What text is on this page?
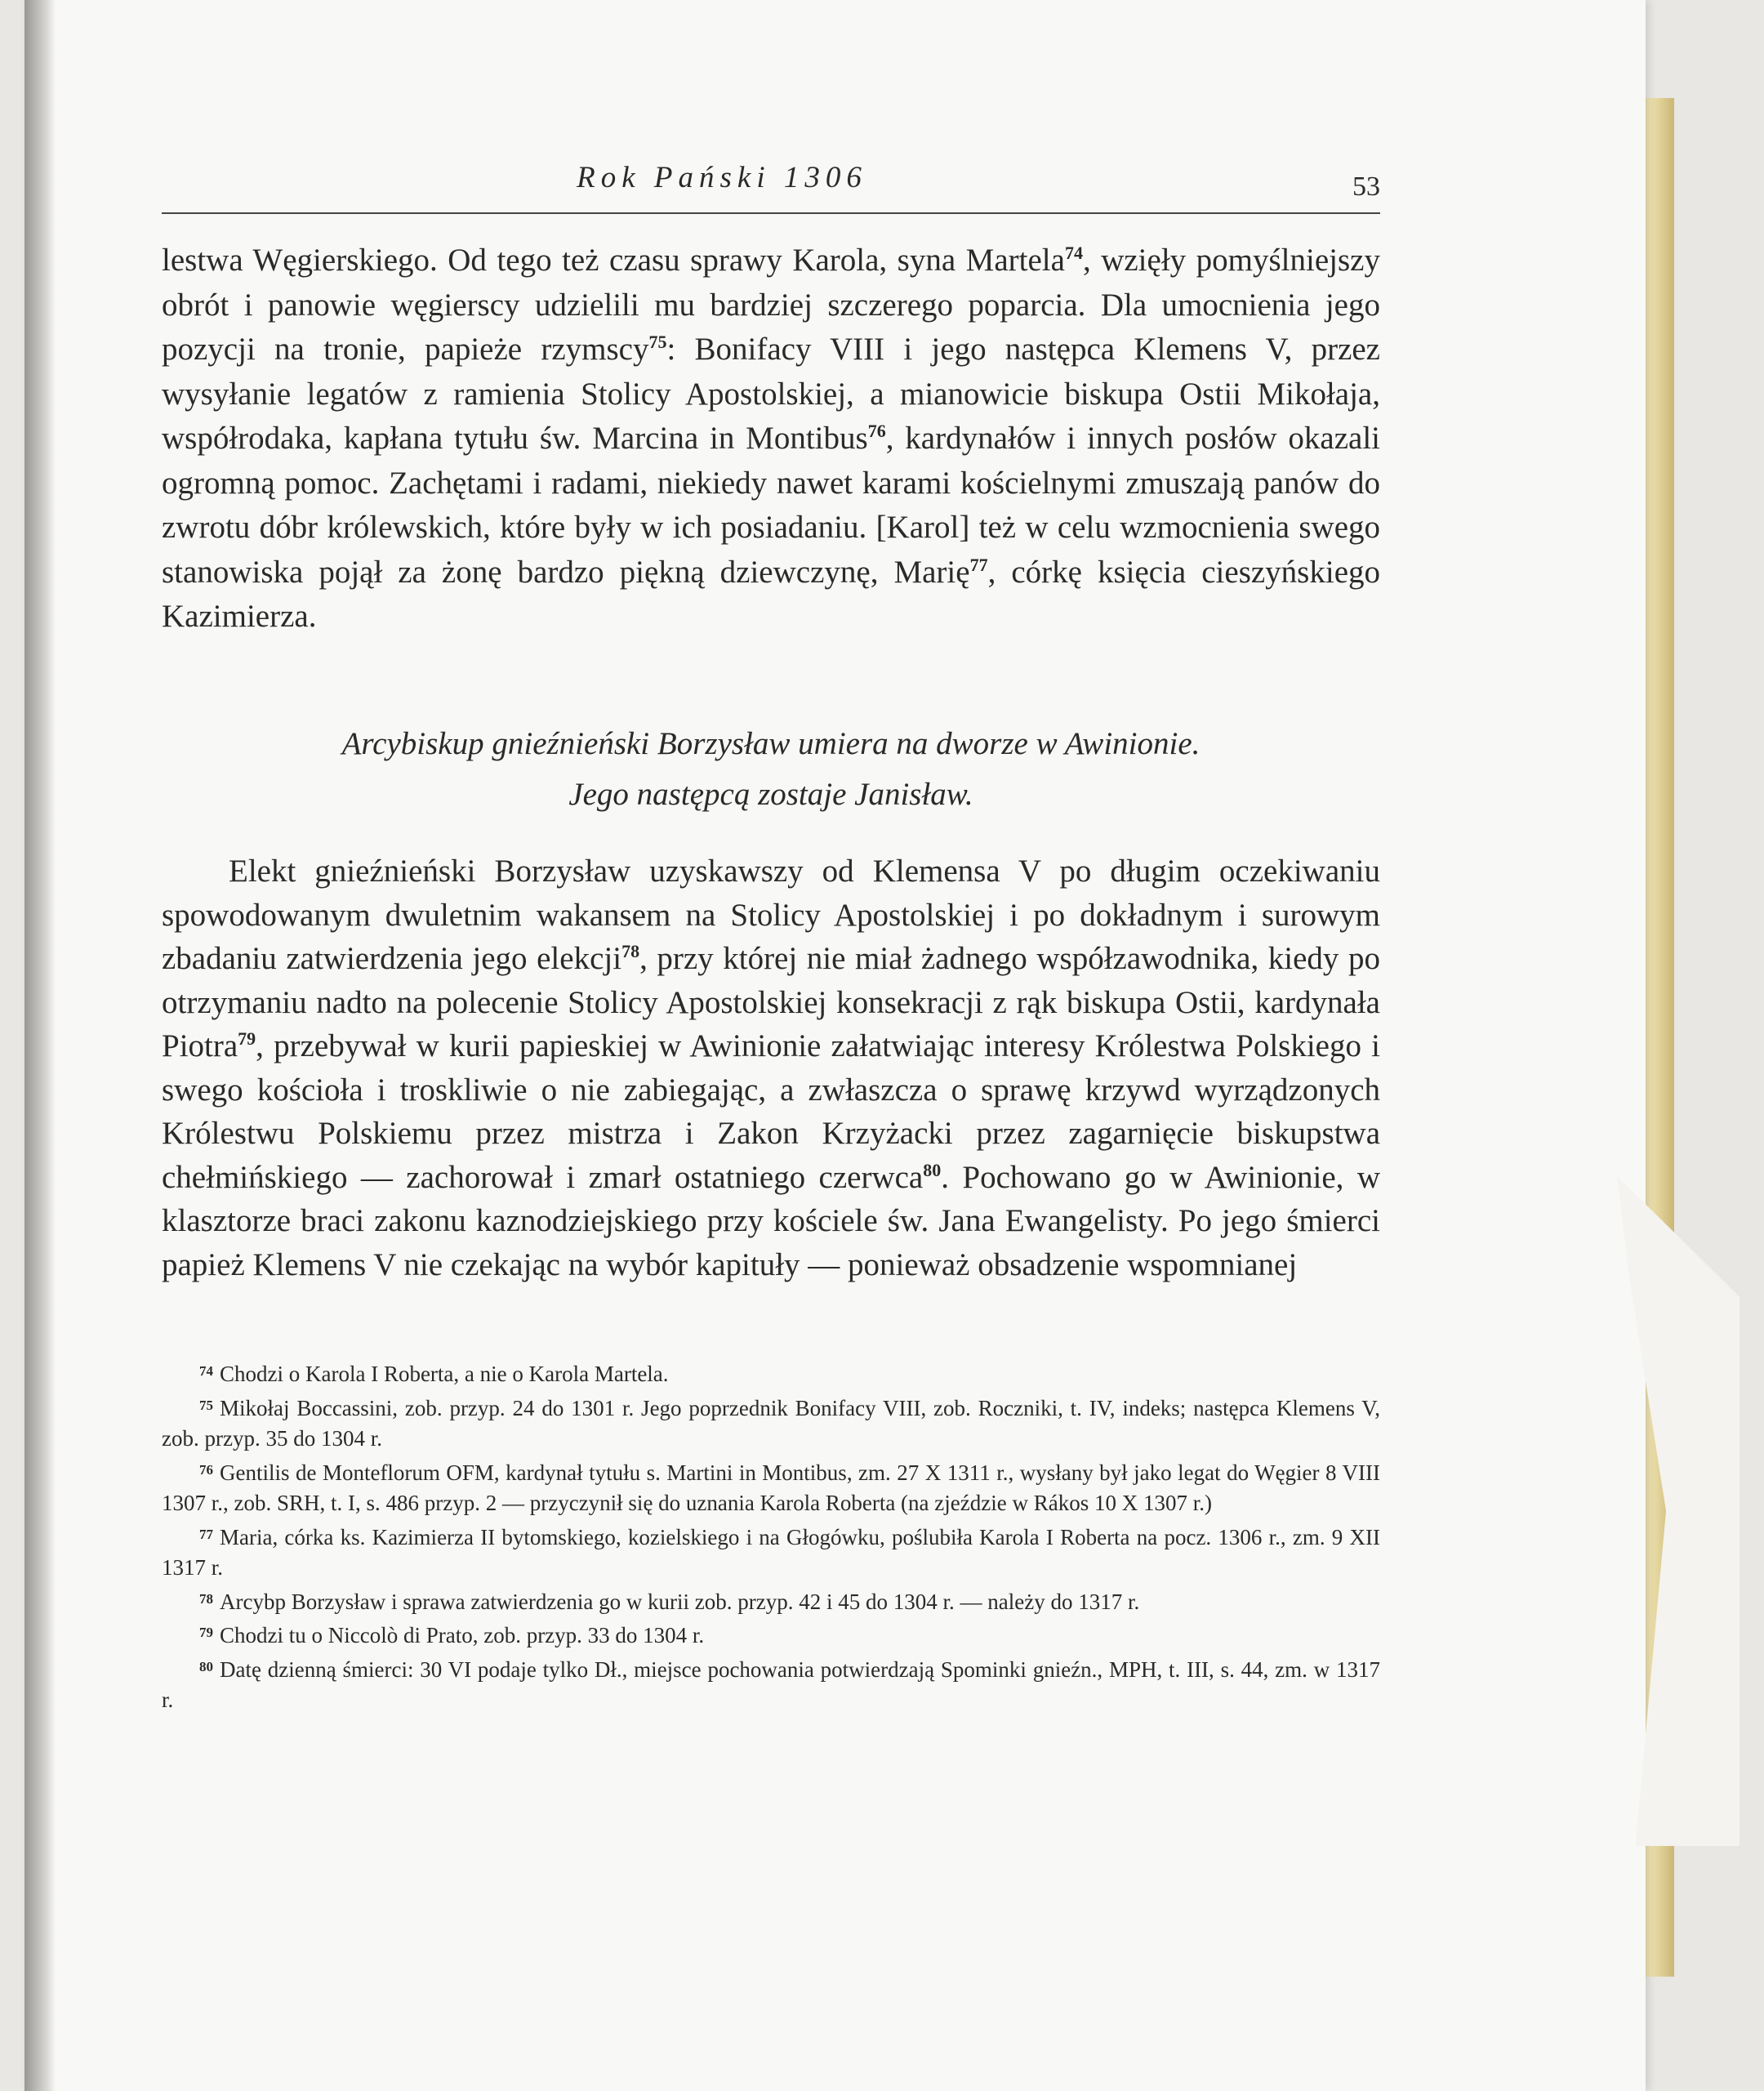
Rok Pański 1306	53

lestwa Węgierskiego. Od tego też czasu sprawy Karola, syna Martela$^{74}$, wzięły pomyślniejszy obrót i panowie węgierscy udzielili mu bardziej szczerego poparcia. Dla umocnienia jego pozycji na tronie, papieże rzymscy$^{75}$: Bonifacy VIII i jego następca Klemens V, przez wysyłanie legatów z ramienia Stolicy Apostolskiej, a mianowicie biskupa Ostii Mikołaja, współrodaka, kapłana tytułu św. Marcina in Montibus$^{76}$, kardynałów i innych posłów okazali ogromną pomoc. Zachętami i radami, niekiedy nawet karami kościelnymi zmuszają panów do zwrotu dóbr królewskich, które były w ich posiadaniu. [Karol] też w celu wzmocnienia swego stanowiska pojął za żonę bardzo piękną dziewczynę, Marię$^{77}$, córkę księcia cieszyńskiego Kazimierza.

Arcybiskup gnieźnieński Borzysław umiera na dworze w Awinionie.
Jego następcą zostaje Janisław.

Elekt gnieźnieński Borzysław uzyskawszy od Klemensa V po długim oczekiwaniu spowodowanym dwuletnim wakansem na Stolicy Apostolskiej i po dokładnym i surowym zbadaniu zatwierdzenia jego elekcji$^{78}$, przy której nie miał żadnego współzawodnika, kiedy po otrzymaniu nadto na polecenie Stolicy Apostolskiej konsekracji z rąk biskupa Ostii, kardynała Piotra$^{79}$, przebywał w kurii papieskiej w Awinionie załatwiając interesy Królestwa Polskiego i swego kościoła i troskliwie o nie zabiegając, a zwłaszcza o sprawę krzywd wyrządzonych Królestwu Polskiemu przez mistrza i Zakon Krzyżacki przez zagarnięcie biskupstwa chełmińskiego — zachorował i zmarł ostatniego czerwca$^{80}$. Pochowano go w Awinionie, w klasztorze braci zakonu kaznodziejskiego przy kościele św. Jana Ewangelisty. Po jego śmierci papież Klemens V nie czekając na wybór kapituły — ponieważ obsadzenie wspomnianej

$^{74}$ Chodzi o Karola I Roberta, a nie o Karola Martela.

$^{75}$ Mikołaj Boccassini, zob. przyp. 24 do 1301 r. Jego poprzednik Bonifacy VIII, zob. Roczniki, t. IV, indeks; następca Klemens V, zob. przyp. 35 do 1304 r.

$^{76}$ Gentilis de Monteflorum OFM, kardynał tytułu s. Martini in Montibus, zm. 27 X 1311 r., wysłany był jako legat do Węgier 8 VIII 1307 r., zob. SRH, t. I, s. 486 przyp. 2 — przyczynił się do uznania Karola Roberta (na zjeździe w Rákos 10 X 1307 r.)

$^{77}$ Maria, córka ks. Kazimierza II bytomskiego, kozielskiego i na Głogówku, poślubiła Karola I Roberta na pocz. 1306 r., zm. 9 XII 1317 r.

$^{78}$ Arcybp Borzysław i sprawa zatwierdzenia go w kurii zob. przyp. 42 i 45 do 1304 r. — należy do 1317 r.

$^{79}$ Chodzi tu o Niccolò di Prato, zob. przyp. 33 do 1304 r.

$^{80}$ Datę dzienną śmierci: 30 VI podaje tylko Dł., miejsce pochowania potwierdzają Spominki gnieźn., MPH, t. III, s. 44, zm. w 1317 r.
